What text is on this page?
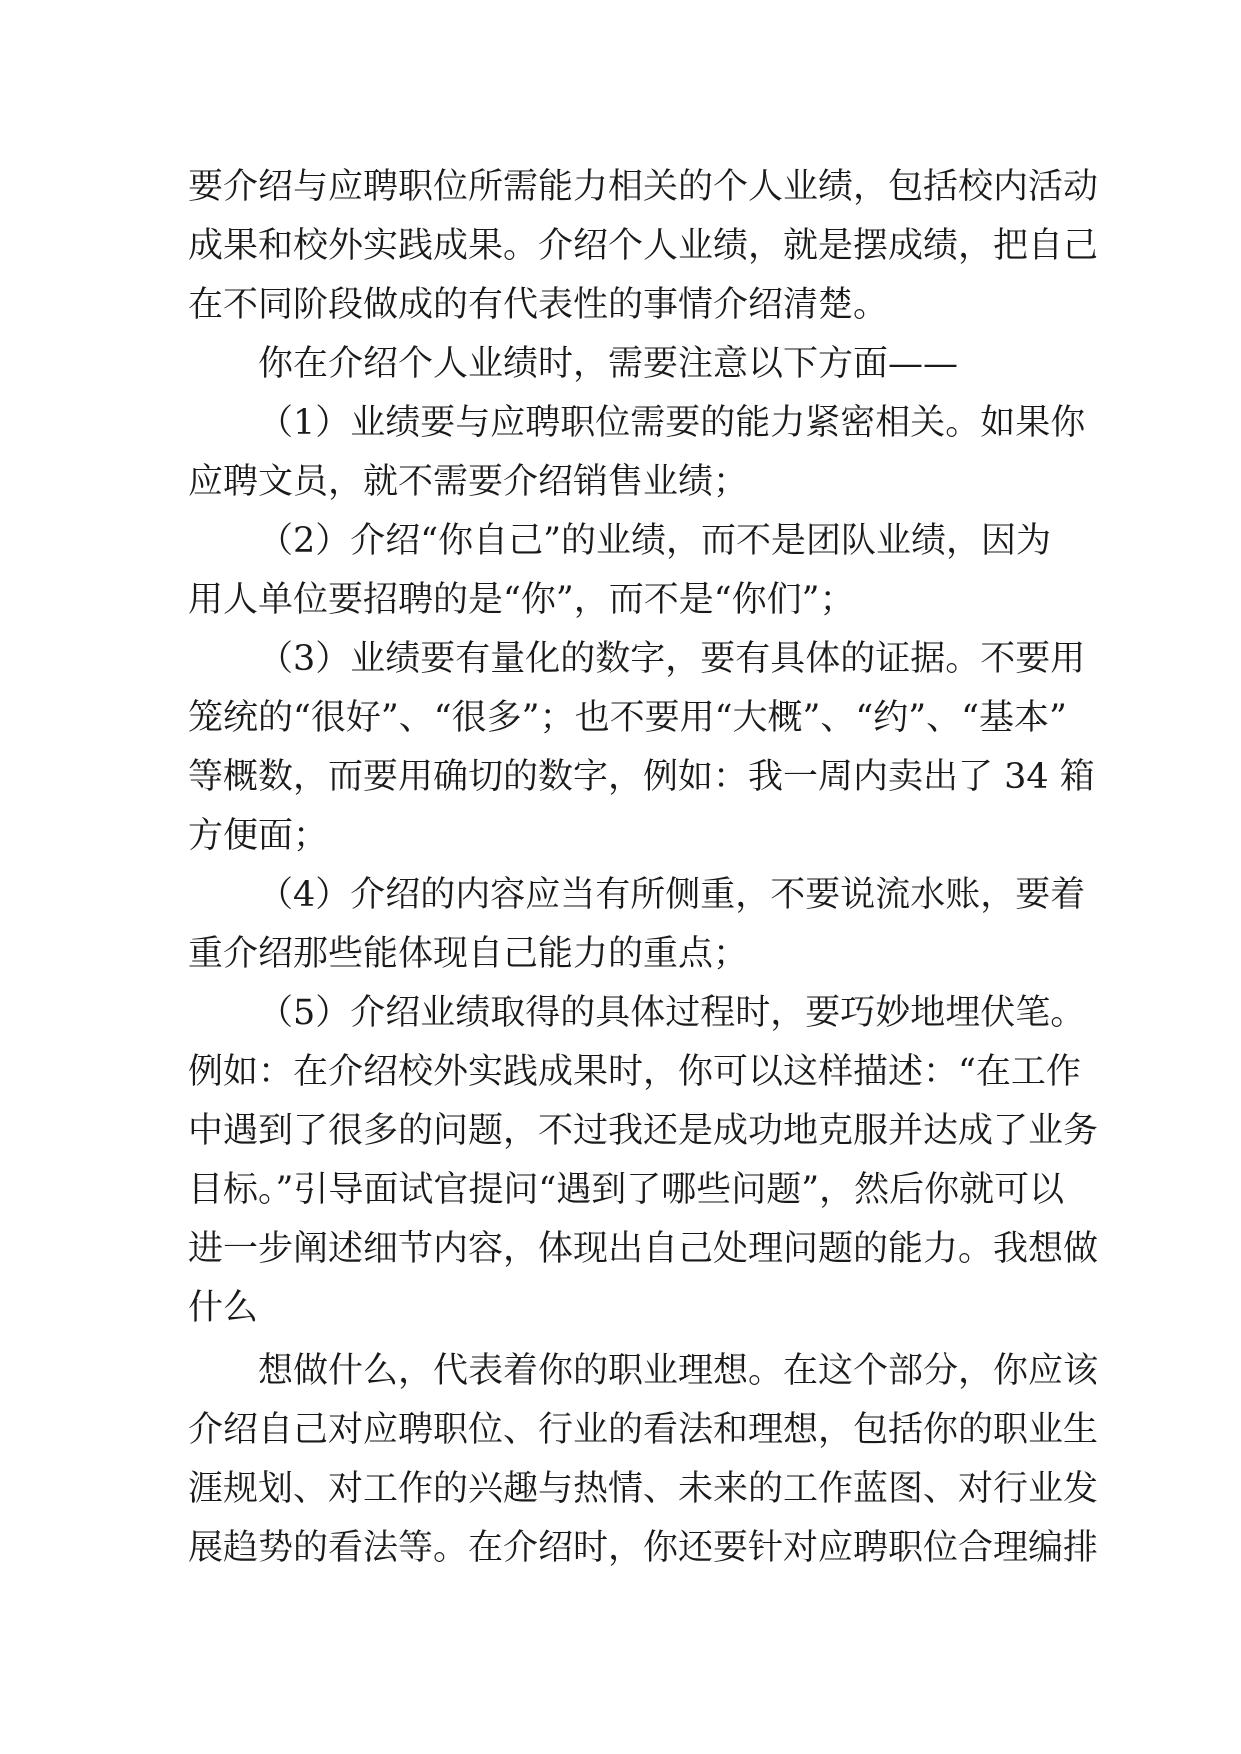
要介绍与应聘职位所需能力相关的个人业绩，包括校内活动
成果和校外实践成果。介绍个人业绩，就是摆成绩，把自己
在不同阶段做成的有代表性的事情介绍清楚。
你在介绍个人业绩时，需要注意以下方面——
（1）业绩要与应聘职位需要的能力紧密相关。如果你
应聘文员，就不需要介绍销售业绩；
（2）介绍“你自己”的业绩，而不是团队业绩，因为
用人单位要招聘的是“你”，而不是“你们”；
（3）业绩要有量化的数字，要有具体的证据。不要用
笼统的“很好”、“很多”；也不要用“大概”、“约”、“基本”
等概数，而要用确切的数字，例如：我一周内卖出了 34 箱
方便面；
（4）介绍的内容应当有所侧重，不要说流水账，要着
重介绍那些能体现自己能力的重点；
（5）介绍业绩取得的具体过程时，要巧妙地埋伏笔。
例如：在介绍校外实践成果时，你可以这样描述：“在工作
中遇到了很多的问题，不过我还是成功地克服并达成了业务
目标。”引导面试官提问“遇到了哪些问题”，然后你就可以
进一步阐述细节内容，体现出自己处理问题的能力。我想做
什么
想做什么，代表着你的职业理想。在这个部分，你应该
介绍自己对应聘职位、行业的看法和理想，包括你的职业生
涯规划、对工作的兴趣与热情、未来的工作蓝图、对行业发
展趋势的看法等。在介绍时，你还要针对应聘职位合理编排
